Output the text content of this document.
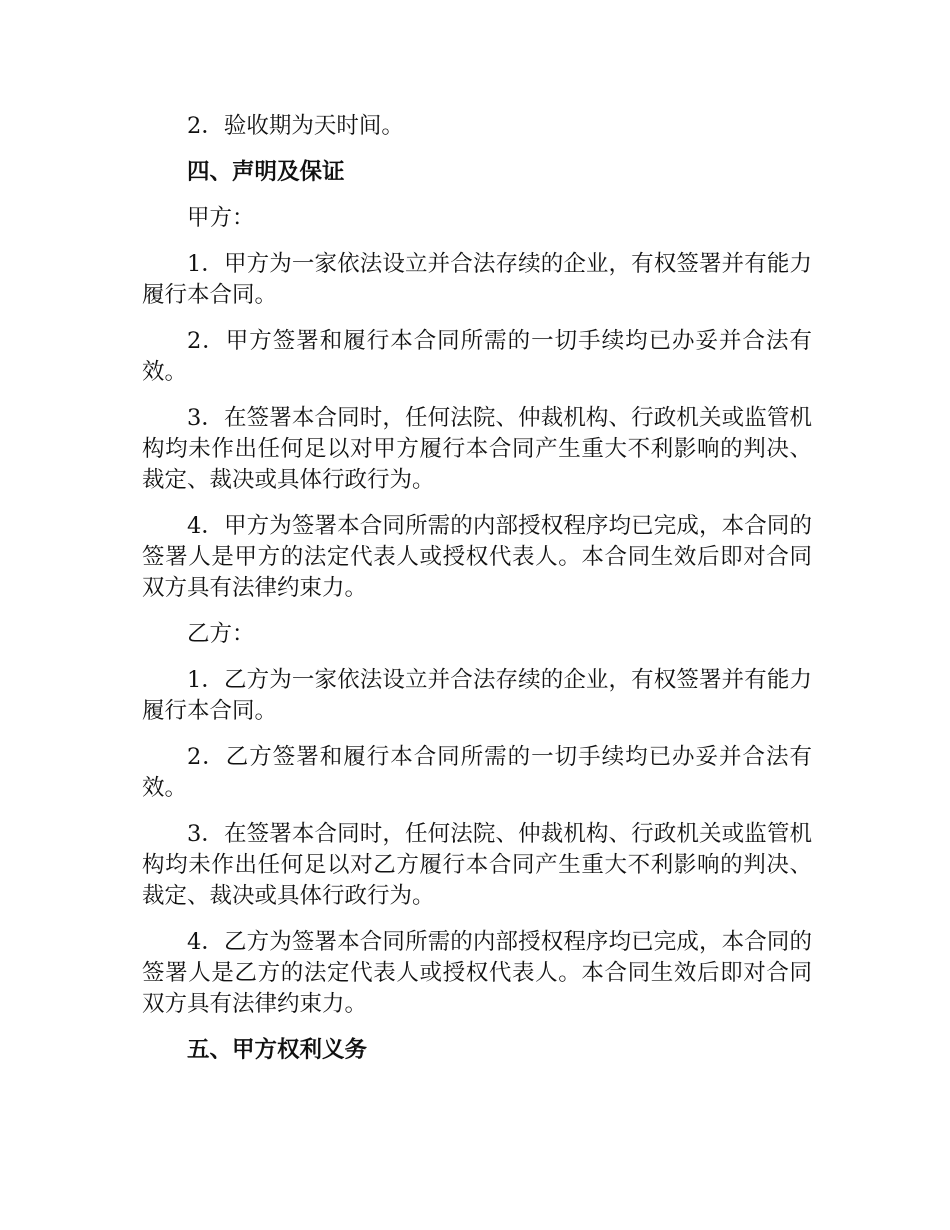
2．验收期为天时间。

四、声明及保证

甲方：

1．甲方为一家依法设立并合法存续的企业，有权签署并有能力履行本合同。

2．甲方签署和履行本合同所需的一切手续均已办妥并合法有效。

3．在签署本合同时，任何法院、仲裁机构、行政机关或监管机构均未作出任何足以对甲方履行本合同产生重大不利影响的判决、裁定、裁决或具体行政行为。

4．甲方为签署本合同所需的内部授权程序均已完成，本合同的签署人是甲方的法定代表人或授权代表人。本合同生效后即对合同双方具有法律约束力。

乙方：

1．乙方为一家依法设立并合法存续的企业，有权签署并有能力履行本合同。

2．乙方签署和履行本合同所需的一切手续均已办妥并合法有效。

3．在签署本合同时，任何法院、仲裁机构、行政机关或监管机构均未作出任何足以对乙方履行本合同产生重大不利影响的判决、裁定、裁决或具体行政行为。

4．乙方为签署本合同所需的内部授权程序均已完成，本合同的签署人是乙方的法定代表人或授权代表人。本合同生效后即对合同双方具有法律约束力。

五、甲方权利义务
